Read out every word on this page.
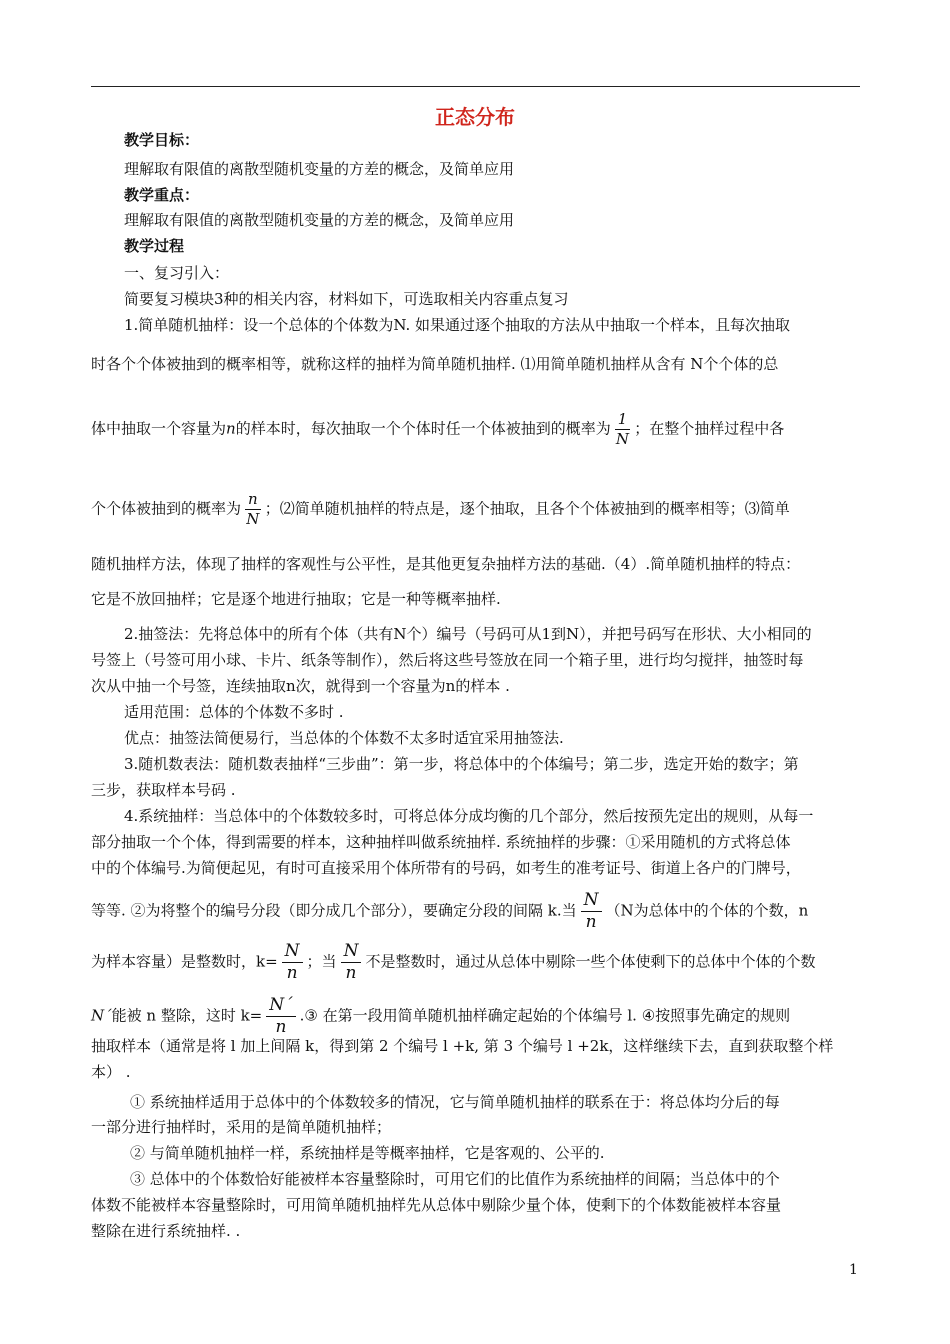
正态分布
教学目标：
理解取有限值的离散型随机变量的方差的概念，及简单应用
教学重点：
理解取有限值的离散型随机变量的方差的概念，及简单应用
教学过程
一、复习引入：
简要复习模块3种的相关内容，材料如下，可选取相关内容重点复习
1.简单随机抽样：设一个总体的个体数为N. 如果通过逐个抽取的方法从中抽取一个样本，且每次抽取
时各个个体被抽到的概率相等，就称这样的抽样为简单随机抽样. ⑴用简单随机抽样从含有 N个个体的总
体中抽取一个容量为n的样本时，每次抽取一个个体时任一个体被抽到的概率为 $\frac{1}{N}$ ；在整个抽样过程中各
个个体被抽到的概率为 $\frac{n}{N}$ ；⑵简单随机抽样的特点是，逐个抽取，且各个个体被抽到的概率相等；⑶简单
随机抽样方法，体现了抽样的客观性与公平性，是其他更复杂抽样方法的基础.（4）.简单随机抽样的特点：
它是不放回抽样；它是逐个地进行抽取；它是一种等概率抽样.
2.抽签法：先将总体中的所有个体（共有N个）编号（号码可从1到N），并把号码写在形状、大小相同的
号签上（号签可用小球、卡片、纸条等制作），然后将这些号签放在同一个箱子里，进行均匀搅拌，抽签时每
次从中抽一个号签，连续抽取n次，就得到一个容量为n的样本 .
适用范围：总体的个体数不多时 .
优点：抽签法简便易行，当总体的个体数不太多时适宜采用抽签法.
3.随机数表法：随机数表抽样“三步曲”：第一步，将总体中的个体编号；第二步，选定开始的数字；第
三步，获取样本号码 .
4.系统抽样：当总体中的个体数较多时，可将总体分成均衡的几个部分，然后按预先定出的规则，从每一
部分抽取一个个体，得到需要的样本，这种抽样叫做系统抽样. 系统抽样的步骤：①采用随机的方式将总体
中的个体编号.为简便起见，有时可直接采用个体所带有的号码，如考生的准考证号、街道上各户的门牌号，
等等. ②为将整个的编号分段（即分成几个部分），要确定分段的间隔 k.当 $\frac{N}{n} (N$为总体中的个体的个数，n
为样本容量）是整数时，$k= \frac{N}{n}$ ；当 $\frac{N}{n}$ 不是整数时，通过从总体中剔除一些个体使剩下的总体中个体的个数
N´能被 n 整除，这时 $k= \frac{N´}{n}$ .③ 在第一段用简单随机抽样确定起始的个体编号 l. ④按照事先确定的规则
抽取样本（通常是将 l 加上间隔 k，得到第 2 个编号 l +k, 第 3 个编号 l +2k，这样继续下去，直到获取整个样
本） .
① 系统抽样适用于总体中的个体数较多的情况，它与简单随机抽样的联系在于：将总体均分后的每
一部分进行抽样时，采用的是简单随机抽样；
② 与简单随机抽样一样，系统抽样是等概率抽样，它是客观的、公平的.
③ 总体中的个体数恰好能被样本容量整除时，可用它们的比值作为系统抽样的间隔；当总体中的个
体数不能被样本容量整除时，可用简单随机抽样先从总体中剔除少量个体，使剩下的个体数能被样本容量
整除在进行系统抽样. .
1
